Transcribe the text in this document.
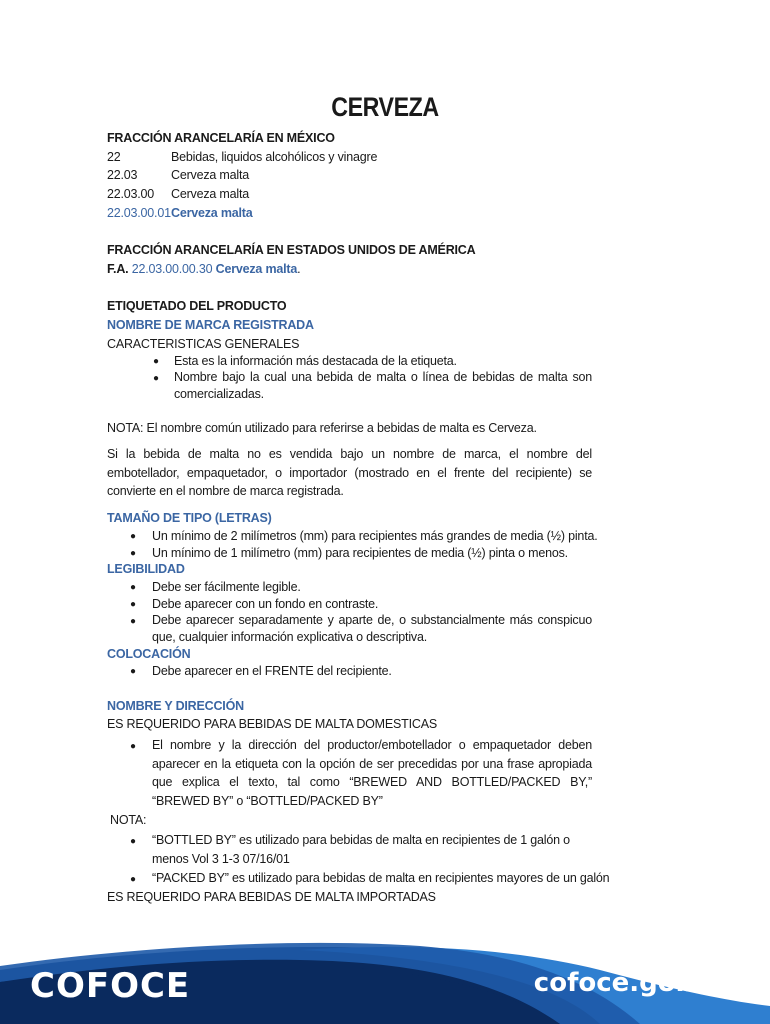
CERVEZA
FRACCIÓN ARANCELARÍA EN MÉXICO
22	Bebidas, liquidos alcohólicos y vinagre
22.03	Cerveza malta
22.03.00 Cerveza malta
22.03.00.01 Cerveza malta
FRACCIÓN ARANCELARÍA EN ESTADOS UNIDOS DE AMÉRICA
F.A. 22.03.00.00.30 Cerveza malta.
ETIQUETADO DEL PRODUCTO
NOMBRE DE MARCA REGISTRADA
CARACTERISTICAS GENERALES
● Esta es la información más destacada de la etiqueta.
● Nombre bajo la cual una bebida de malta o línea de bebidas de malta son comercializadas.
NOTA: El nombre común utilizado para referirse a bebidas de malta es Cerveza.
Si la bebida de malta no es vendida bajo un nombre de marca, el nombre del embotellador, empaquetador, o importador (mostrado en el frente del recipiente) se convierte en el nombre de marca registrada.
TAMAÑO DE TIPO (LETRAS)
● Un mínimo de 2 milímetros (mm) para recipientes más grandes de media (½) pinta.
● Un mínimo de 1 milímetro (mm) para recipientes de media (½) pinta o menos.
LEGIBILIDAD
● Debe ser fácilmente legible.
● Debe aparecer con un fondo en contraste.
● Debe aparecer separadamente y aparte de, o substancialmente más conspicuo que, cualquier información explicativa o descriptiva.
COLOCACIÓN
● Debe aparecer en el FRENTE del recipiente.
NOMBRE Y DIRECCIÓN
ES REQUERIDO PARA BEBIDAS DE MALTA DOMESTICAS
● El nombre y la dirección del productor/embotellador o empaquetador deben aparecer en la etiqueta con la opción de ser precedidas por una frase apropiada que explica el texto, tal como “BREWED AND BOTTLED/PACKED BY,” “BREWED BY” o “BOTTLED/PACKED BY”
NOTA:
● “BOTTLED BY” es utilizado para bebidas de malta en recipientes de 1 galón o menos Vol 3 1-3 07/16/01
● “PACKED BY” es utilizado para bebidas de malta en recipientes mayores de un galón
ES REQUERIDO PARA BEBIDAS DE MALTA IMPORTADAS
COFOCE	cofoce.gob.mx
